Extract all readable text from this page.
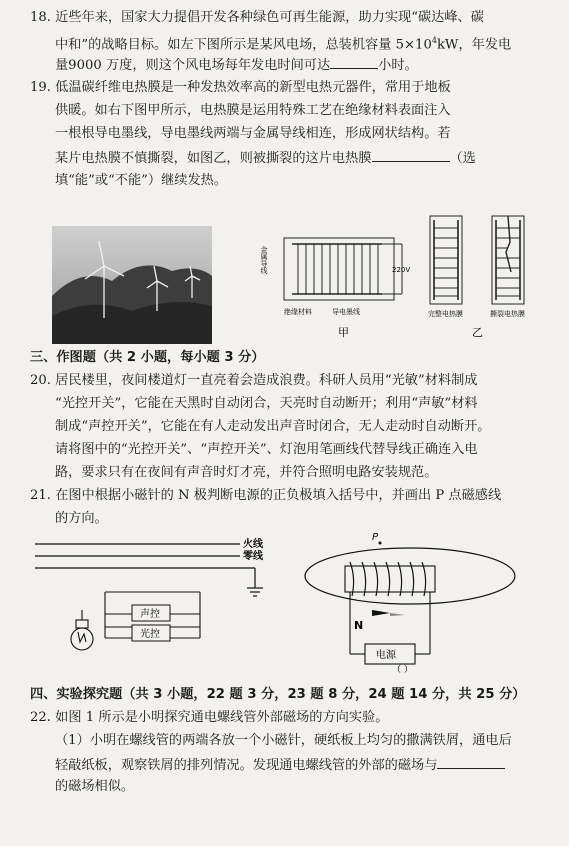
18. 近些年来，国家大力提倡开发各种绿色可再生能源，助力实现“碳达峰、碳
中和”的战略目标。如左下图所示是某风电场，总装机容量 $5\times 10^4kW$，年发电
量9000 万度，则这个风电场每年发电时间可达	小时。
19. 低温碳纤维电热膜是一种发热效率高的新型电热元器件，常用于地板
供暖。如右下图甲所示，电热膜是运用特殊工艺在绝缘材料表面注入
一根根导电墨线，导电墨线两端与金属导线相连，形成网状结构。若
某片电热膜不慎撕裂，如图乙，则被撕裂的这片电热膜	（选
填“能”或“不能”）继续发热。
金属导线	220V
绝缘材料	导电墨线
甲
完整电热膜	撕裂电热膜
乙
三、作图题（共 2 小题，每小题 3 分）
20. 居民楼里，夜间楼道灯一直亮着会造成浪费。科研人员用“光敏”材料制成
“光控开关”，它能在天黑时自动闭合，天亮时自动断开；利用“声敏”材料
制成“声控开关”，它能在有人走动发出声音时闭合，无人走动时自动断开。
请将图中的“光控开关”、“声控开关”、灯泡用笔画线代替导线正确连入电
路，要求只有在夜间有声音时灯才亮，并符合照明电路安装规范。
21. 在图中根据小磁针的 N 极判断电源的正负极填入括号中，并画出 P 点磁感线
的方向。
火线
零线
声控
光控
P
N
电源
（ ）
四、实验探究题（共 3 小题，22 题 3 分，23 题 8 分，24 题 14 分，共 25 分）
22. 如图 1 所示是小明探究通电螺线管外部磁场的方向实验。
（1）小明在螺线管的两端各放一个小磁针，硬纸板上均匀的撒满铁屑，通电后
轻敲纸板，观察铁屑的排列情况。发现通电螺线管的外部的磁场与
的磁场相似。
